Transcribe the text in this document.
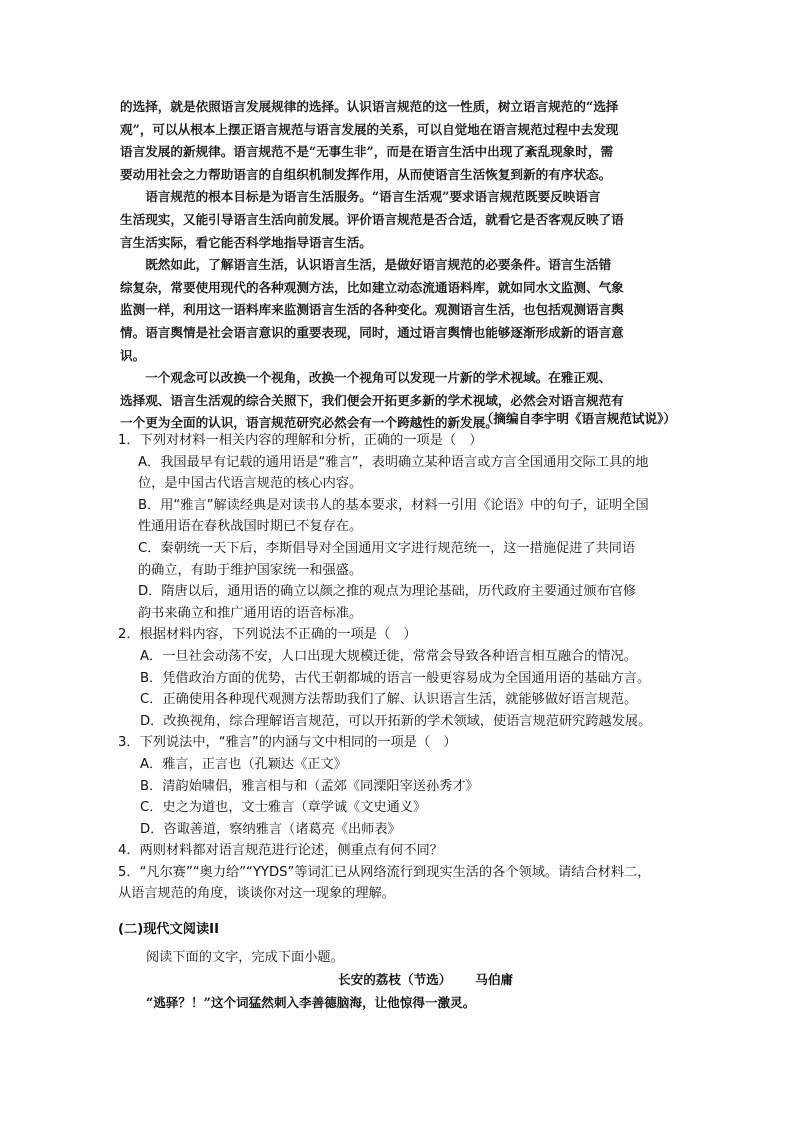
的选择，就是依照语言发展规律的选择。认识语言规范的这一性质，树立语言规范的“选择

观”，可以从根本上摆正语言规范与语言发展的关系，可以自觉地在语言规范过程中去发现

语言发展的新规律。语言规范不是“无事生非”，而是在语言生活中出现了紊乱现象时，需

要动用社会之力帮助语言的自组织机制发挥作用，从而使语言生活恢复到新的有序状态。

　　语言规范的根本目标是为语言生活服务。“语言生活观”要求语言规范既要反映语言

生活现实，又能引导语言生活向前发展。评价语言规范是否合适，就看它是否客观反映了语

言生活实际，看它能否科学地指导语言生活。

　　既然如此，了解语言生活，认识语言生活，是做好语言规范的必要条件。语言生活错

综复杂，常要使用现代的各种观测方法，比如建立动态流通语料库，就如同水文监测、气象

监测一样，利用这一语料库来监测语言生活的各种变化。观测语言生活，也包括观测语言舆

情。语言舆情是社会语言意识的重要表现，同时，通过语言舆情也能够逐渐形成新的语言意

识。

　　一个观念可以改换一个视角，改换一个视角可以发现一片新的学术视域。在雅正观、

选择观、语言生活观的综合关照下，我们便会开拓更多新的学术视域，必然会对语言规范有

一个更为全面的认识，语言规范研究必然会有一个跨越性的新发展。

（摘编自李宇明《语言规范试说》）

1．下列对材料一相关内容的理解和分析，正确的一项是（　）

A．我国最早有记载的通用语是“雅言”，表明确立某种语言或方言全国通用交际工具的地

位，是中国古代语言规范的核心内容。

B．用“雅言”解读经典是对读书人的基本要求，材料一引用《论语》中的句子，证明全国

性通用语在春秋战国时期已不复存在。

C．秦朝统一天下后，李斯倡导对全国通用文字进行规范统一，这一措施促进了共同语

的确立，有助于维护国家统一和强盛。

D．隋唐以后，通用语的确立以颜之推的观点为理论基础，历代政府主要通过颁布官修

韵书来确立和推广通用语的语音标准。

2．根据材料内容，下列说法不正确的一项是（　）

A．一旦社会动荡不安，人口出现大规模迁徙，常常会导致各种语言相互融合的情况。

B．凭借政治方面的优势，古代王朝都城的语言一般更容易成为全国通用语的基础方言。

C．正确使用各种现代观测方法帮助我们了解、认识语言生活，就能够做好语言规范。

D．改换视角，综合理解语言规范，可以开拓新的学术领域，使语言规范研究跨越发展。

3．下列说法中，“雅言”的内涵与文中相同的一项是（　）

A．雅言，正言也（孔颖达《正文》

B．清韵始啸侣，雅言相与和（孟郊《同溧阳宰送孙秀才》

C．史之为道也，文士雅言（章学诚《文史通义》

D．咨诹善道，察纳雅言（诸葛亮《出师表》

4．两则材料都对语言规范进行论述，侧重点有何不同？

5．“凡尔赛”“奥力给”“YYDS”等词汇已从网络流行到现实生活的各个领域。请结合材料二，

从语言规范的角度，谈谈你对这一现象的理解。

(二)现代文阅读II
阅读下面的文字，完成下面小题。
长安的荔枝（节选） 马伯庸
“逃驿？！”这个词猛然刺入李善德脑海，让他惊得一激灵。
